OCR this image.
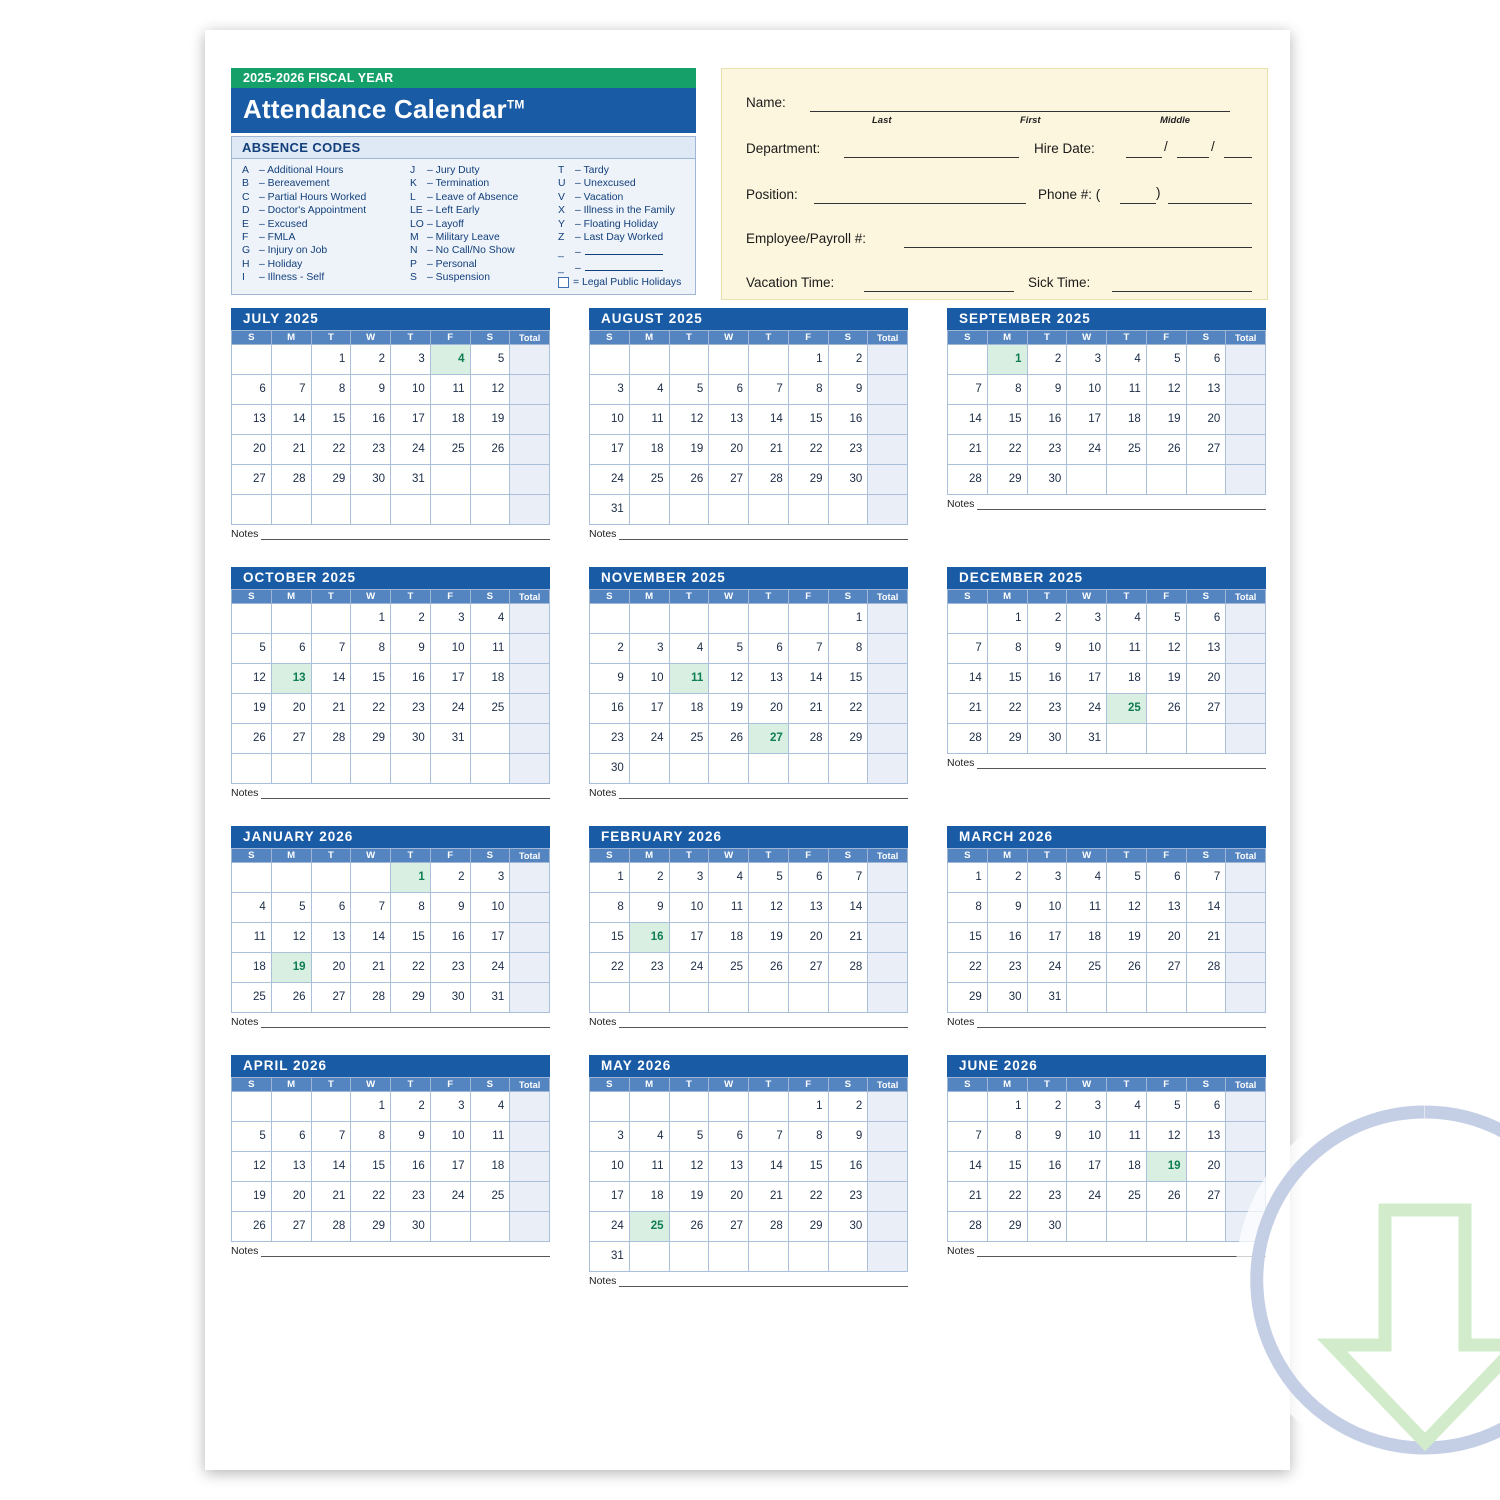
2025-2026 FISCAL YEAR
Attendance Calendar™
ABSENCE CODES
A – Additional Hours
B – Bereavement
C – Partial Hours Worked
D – Doctor's Appointment
E – Excused
F – FMLA
G – Injury on Job
H – Holiday
I – Illness - Self
J – Jury Duty
K – Termination
L – Leave of Absence
LE – Left Early
LO – Layoff
M – Military Leave
N – No Call/No Show
P – Personal
S – Suspension
T – Tardy
U – Unexcused
V – Vacation
X – Illness in the Family
Y – Floating Holiday
Z – Last Day Worked
_ –
_ –
= Legal Public Holidays
Name:
Last	First	Middle
Department:	Hire Date:	/	/
Position:	Phone #: (	)
Employee/Payroll #:
Vacation Time:	Sick Time:
JULY 2025
S	M	T	W	T	F	S	Total
		1	2	3	4	5	
6	7	8	9	10	11	12	
13	14	15	16	17	18	19	
20	21	22	23	24	25	26	
27	28	29	30	31			

Notes
AUGUST 2025
S	M	T	W	T	F	S	Total
					1	2	
3	4	5	6	7	8	9	
10	11	12	13	14	15	16	
17	18	19	20	21	22	23	
24	25	26	27	28	29	30	
31							
Notes
SEPTEMBER 2025
S	M	T	W	T	F	S	Total
	1	2	3	4	5	6	
7	8	9	10	11	12	13	
14	15	16	17	18	19	20	
21	22	23	24	25	26	27	
28	29	30					
Notes
OCTOBER 2025
S	M	T	W	T	F	S	Total
			1	2	3	4	
5	6	7	8	9	10	11	
12	13	14	15	16	17	18	
19	20	21	22	23	24	25	
26	27	28	29	30	31		

Notes
NOVEMBER 2025
S	M	T	W	T	F	S	Total
						1	
2	3	4	5	6	7	8	
9	10	11	12	13	14	15	
16	17	18	19	20	21	22	
23	24	25	26	27	28	29	
30							
Notes
DECEMBER 2025
S	M	T	W	T	F	S	Total
	1	2	3	4	5	6	
7	8	9	10	11	12	13	
14	15	16	17	18	19	20	
21	22	23	24	25	26	27	
28	29	30	31				
Notes
JANUARY 2026
S	M	T	W	T	F	S	Total
				1	2	3	
4	5	6	7	8	9	10	
11	12	13	14	15	16	17	
18	19	20	21	22	23	24	
25	26	27	28	29	30	31	
Notes
FEBRUARY 2026
S	M	T	W	T	F	S	Total
1	2	3	4	5	6	7	
8	9	10	11	12	13	14	
15	16	17	18	19	20	21	
22	23	24	25	26	27	28	

Notes
MARCH 2026
S	M	T	W	T	F	S	Total
1	2	3	4	5	6	7	
8	9	10	11	12	13	14	
15	16	17	18	19	20	21	
22	23	24	25	26	27	28	
29	30	31					
Notes
APRIL 2026
S	M	T	W	T	F	S	Total
			1	2	3	4	
5	6	7	8	9	10	11	
12	13	14	15	16	17	18	
19	20	21	22	23	24	25	
26	27	28	29	30			
Notes
MAY 2026
S	M	T	W	T	F	S	Total
					1	2	
3	4	5	6	7	8	9	
10	11	12	13	14	15	16	
17	18	19	20	21	22	23	
24	25	26	27	28	29	30	
31							
Notes
JUNE 2026
S	M	T	W	T	F	S	Total
	1	2	3	4	5	6	
7	8	9	10	11	12	13	
14	15	16	17	18	19	20	
21	22	23	24	25	26	27	
28	29	30					
Notes
